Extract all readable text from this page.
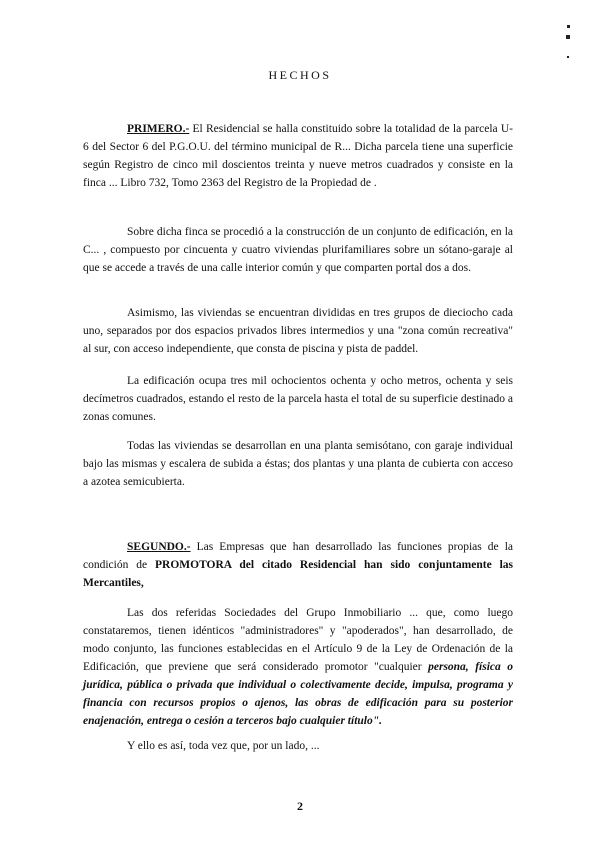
HECHOS
PRIMERO.- El Residencial se halla constituido sobre la totalidad de la parcela U-6 del Sector 6 del P.G.O.U. del término municipal de R... Dicha parcela tiene una superficie según Registro de cinco mil doscientos treinta y nueve metros cuadrados y consiste en la finca ... Libro 732, Tomo 2363 del Registro de la Propiedad de .
Sobre dicha finca se procedió a la construcción de un conjunto de edificación, en la C... , compuesto por cincuenta y cuatro viviendas plurifamiliares sobre un sótano-garaje al que se accede a través de una calle interior común y que comparten portal dos a dos.
Asimismo, las viviendas se encuentran divididas en tres grupos de dieciocho cada uno, separados por dos espacios privados libres intermedios y una "zona común recreativa" al sur, con acceso independiente, que consta de piscina y pista de paddel.
La edificación ocupa tres mil ochocientos ochenta y ocho metros, ochenta y seis decímetros cuadrados, estando el resto de la parcela hasta el total de su superficie destinado a zonas comunes.
Todas las viviendas se desarrollan en una planta semisótano, con garaje individual bajo las mismas y escalera de subida a éstas; dos plantas y una planta de cubierta con acceso a azotea semicubierta.
SEGUNDO.- Las Empresas que han desarrollado las funciones propias de la condición de PROMOTORA del citado Residencial han sido conjuntamente las Mercantiles,
Las dos referidas Sociedades del Grupo Inmobiliario ... que, como luego constataremos, tienen idénticos "administradores" y "apoderados", han desarrollado, de modo conjunto, las funciones establecidas en el Artículo 9 de la Ley de Ordenación de la Edificación, que previene que será considerado promotor "cualquier persona, física o jurídica, pública o privada que individual o colectivamente decide, impulsa, programa y financia con recursos propios o ajenos, las obras de edificación para su posterior enajenación, entrega o cesión a terceros bajo cualquier título".
Y ello es así, toda vez que, por un lado, ...
2
